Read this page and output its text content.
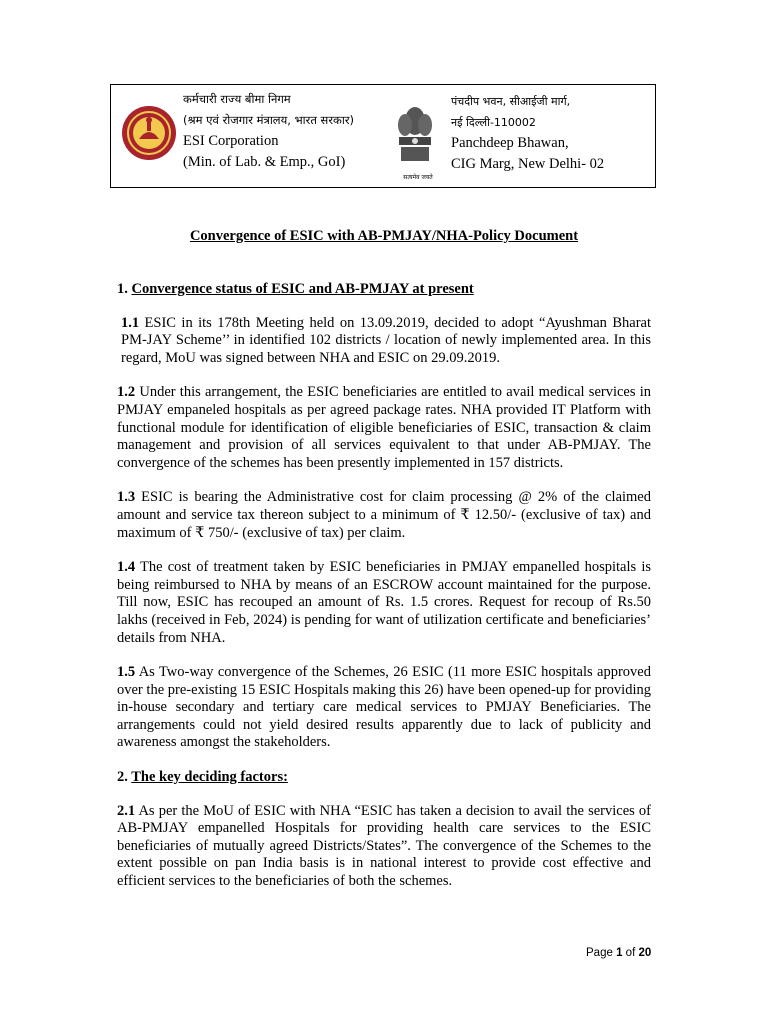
कर्मचारी राज्य बीमा निगम
(श्रम एवं रोजगार मंत्रालय, भारत सरकार)
ESI Corporation
(Min. of Lab. & Emp., GoI)
सत्यमेव जयते
पंचदीप भवन, सीआईजी मार्ग,
नई दिल्ली-110002
Panchdeep Bhawan,
CIG Marg, New Delhi- 02
Convergence of ESIC with AB-PMJAY/NHA-Policy Document
1. Convergence status of ESIC and AB-PMJAY at present

1.1 ESIC in its 178th Meeting held on 13.09.2019, decided to adopt “Ayushman Bharat PM-JAY Scheme’’ in identified 102 districts / location of newly implemented area. In this regard, MoU was signed between NHA and ESIC on 29.09.2019.

1.2 Under this arrangement, the ESIC beneficiaries are entitled to avail medical services in PMJAY empaneled hospitals as per agreed package rates. NHA provided IT Platform with functional module for identification of eligible beneficiaries of ESIC, transaction & claim management and provision of all services equivalent to that under AB-PMJAY. The convergence of the schemes has been presently implemented in 157 districts.

1.3 ESIC is bearing the Administrative cost for claim processing @ 2% of the claimed amount and service tax thereon subject to a minimum of ₹ 12.50/- (exclusive of tax) and maximum of ₹ 750/- (exclusive of tax) per claim.

1.4 The cost of treatment taken by ESIC beneficiaries in PMJAY empanelled hospitals is being reimbursed to NHA by means of an ESCROW account maintained for the purpose. Till now, ESIC has recouped an amount of Rs. 1.5 crores. Request for recoup of Rs.50 lakhs (received in Feb, 2024) is pending for want of utilization certificate and beneficiaries’ details from NHA.

1.5 As Two-way convergence of the Schemes, 26 ESIC (11 more ESIC hospitals approved over the pre-existing 15 ESIC Hospitals making this 26) have been opened-up for providing in-house secondary and tertiary care medical services to PMJAY Beneficiaries. The arrangements could not yield desired results apparently due to lack of publicity and awareness amongst the stakeholders.

2. The key deciding factors:

2.1 As per the MoU of ESIC with NHA “ESIC has taken a decision to avail the services of AB-PMJAY empanelled Hospitals for providing health care services to the ESIC beneficiaries of mutually agreed Districts/States”. The convergence of the Schemes to the extent possible on pan India basis is in national interest to provide cost effective and efficient services to the beneficiaries of both the schemes.

Page 1 of 20
